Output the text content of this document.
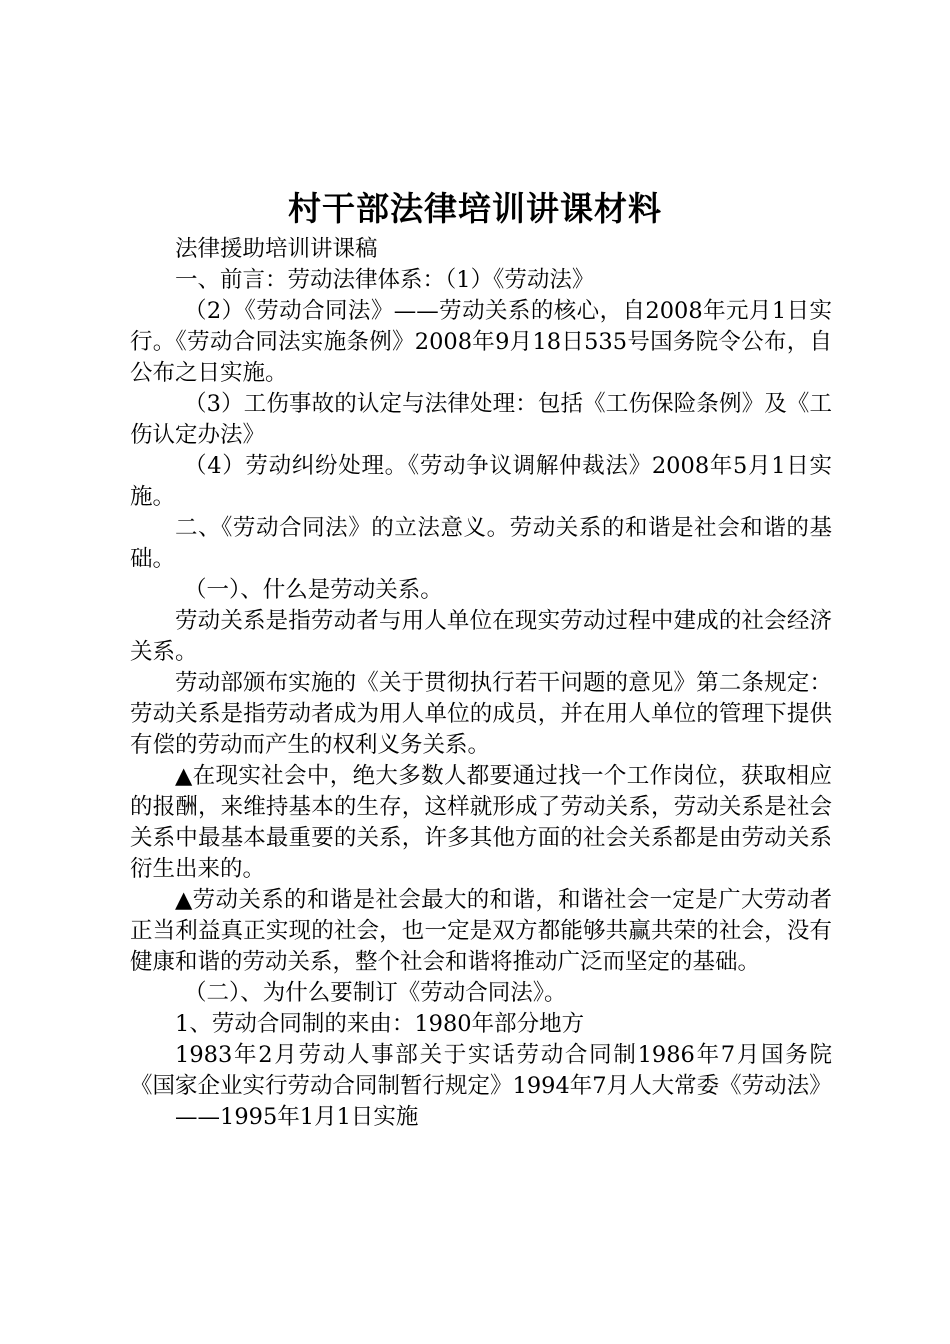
村干部法律培训讲课材料

法律援助培训讲课稿

一、前言：劳动法律体系：（1）《劳动法》

（2）《劳动合同法》——劳动关系的核心，自2008年元月1日实行。《劳动合同法实施条例》2008年9月18日535号国务院令公布，自公布之日实施。

（3）工伤事故的认定与法律处理：包括《工伤保险条例》及《工伤认定办法》

（4）劳动纠纷处理。《劳动争议调解仲裁法》2008年5月1日实施。

二、《劳动合同法》的立法意义。劳动关系的和谐是社会和谐的基础。

（一）、什么是劳动关系。

劳动关系是指劳动者与用人单位在现实劳动过程中建成的社会经济关系。

劳动部颁布实施的《关于贯彻执行若干问题的意见》第二条规定：劳动关系是指劳动者成为用人单位的成员，并在用人单位的管理下提供有偿的劳动而产生的权利义务关系。

▲在现实社会中，绝大多数人都要通过找一个工作岗位，获取相应的报酬，来维持基本的生存，这样就形成了劳动关系，劳动关系是社会关系中最基本最重要的关系，许多其他方面的社会关系都是由劳动关系衍生出来的。

▲劳动关系的和谐是社会最大的和谐，和谐社会一定是广大劳动者正当利益真正实现的社会，也一定是双方都能够共赢共荣的社会，没有健康和谐的劳动关系，整个社会和谐将推动广泛而坚定的基础。

（二）、为什么要制订《劳动合同法》。

1、劳动合同制的来由：1980年部分地方

1983年2月劳动人事部关于实话劳动合同制1986年7月国务院《国家企业实行劳动合同制暂行规定》1994年7月人大常委《劳动法》

——1995年1月1日实施
